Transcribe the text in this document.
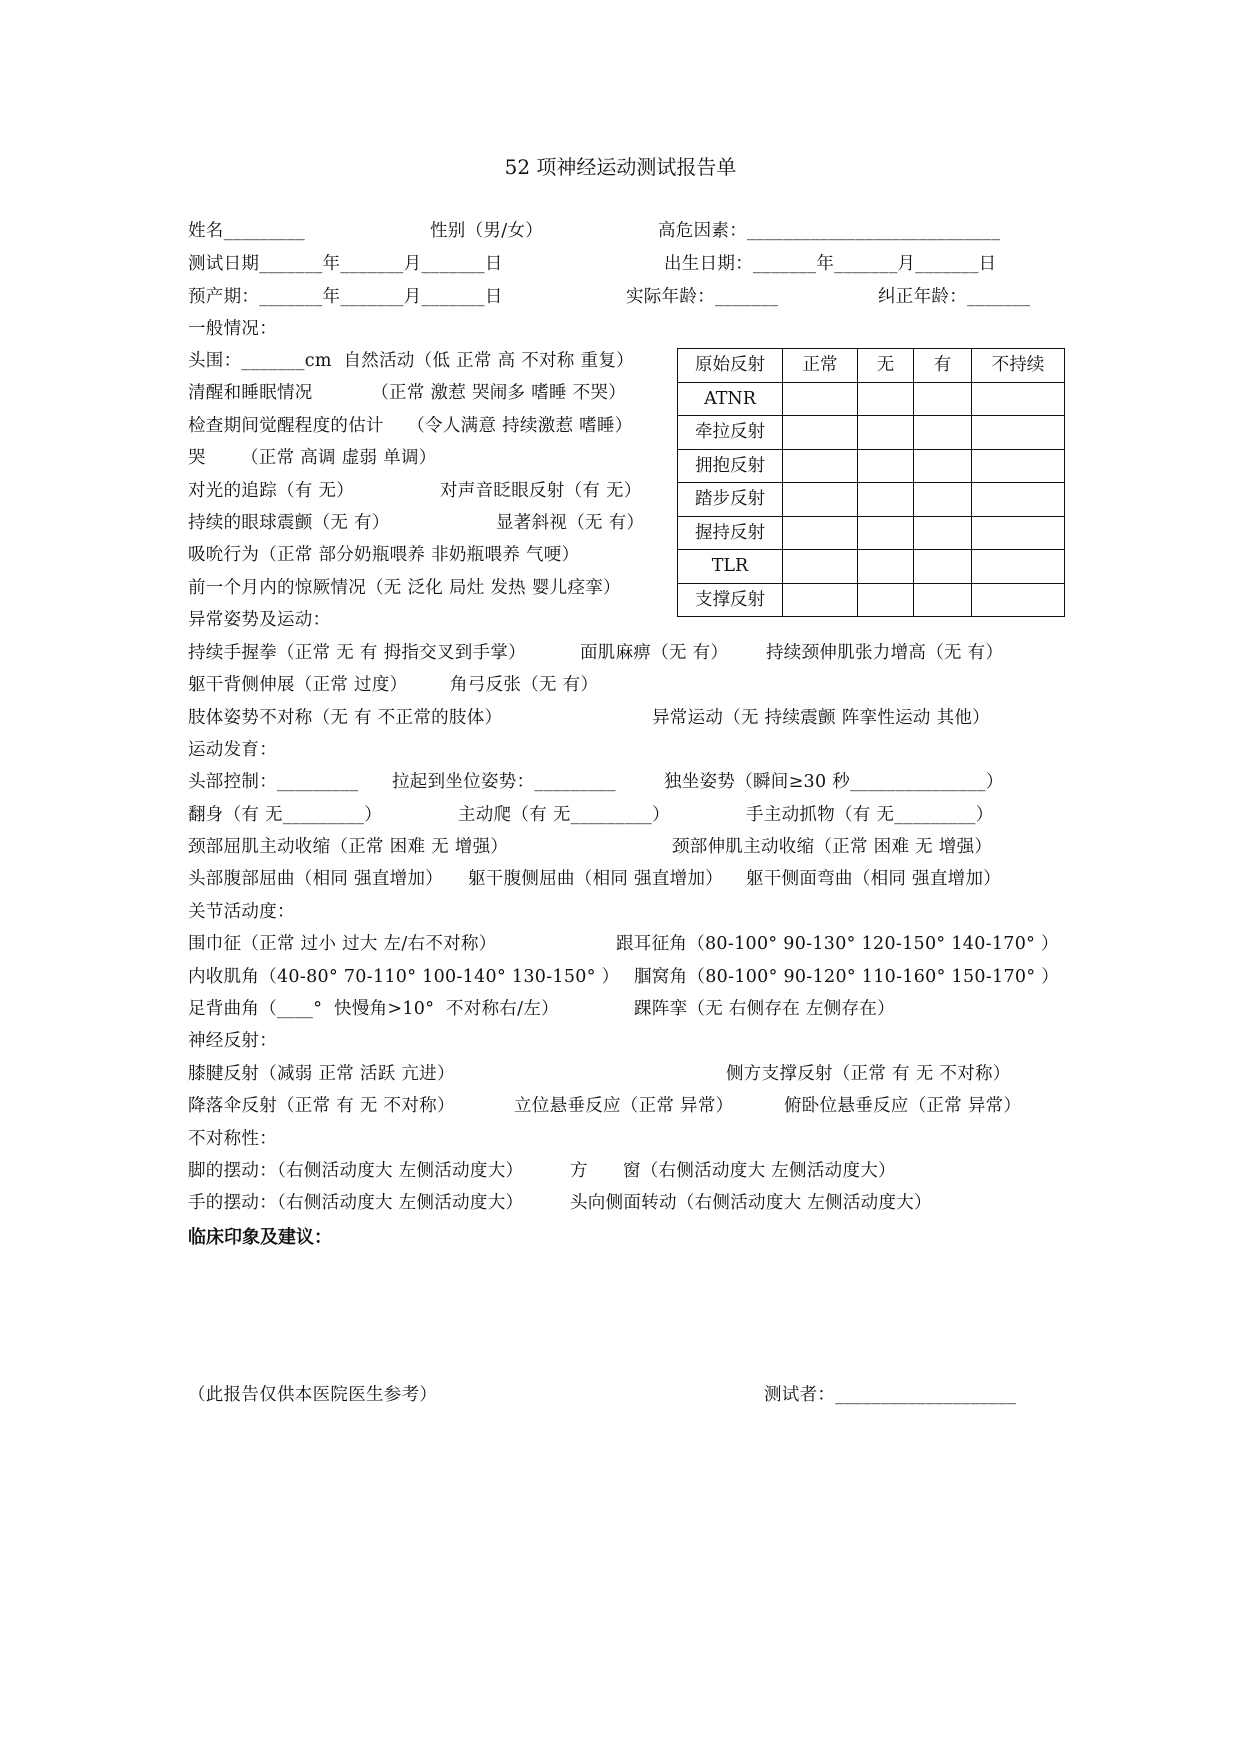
52 项神经运动测试报告单
姓名_________	性别（男/女）	高危因素：____________________________
测试日期_______年_______月_______日	出生日期：_______年_______月_______日
预产期：_______年_______月_______日	实际年龄：_______	纠正年龄：_______
一般情况：
头围：_______cm  自然活动（低 正常 高 不对称 重复）
清醒和睡眠情况          （正常 激惹 哭闹多 嗜睡 不哭）
检查期间觉醒程度的估计    （令人满意 持续激惹 嗜睡）
哭      （正常 高调 虚弱 单调）
对光的追踪（有 无）	对声音眨眼反射（有 无）
持续的眼球震颤（无 有）	显著斜视（无 有）
吸吮行为（正常 部分奶瓶喂养 非奶瓶喂养 气哽）
前一个月内的惊厥情况（无 泛化 局灶 发热 婴儿痉挛）
原始反射	正常	无	有	不持续
ATNR				
牵拉反射				
拥抱反射				
踏步反射				
握持反射				
TLR				
支撑反射				
异常姿势及运动：
持续手握拳（正常 无 有 拇指交叉到手掌）	面肌麻痹（无 有） 持续颈伸肌张力增高（无 有）
躯干背侧伸展（正常 过度） 角弓反张（无 有）
肢体姿势不对称（无 有 不正常的肢体）	异常运动（无 持续震颤 阵挛性运动 其他）
运动发育：
头部控制：_________ 拉起到坐位姿势：_________	独坐姿势（瞬间≥30 秒_______________）
翻身（有 无_________）	主动爬（有 无_________）	手主动抓物（有 无_________）
颈部屈肌主动收缩（正常 困难 无 增强）	颈部伸肌主动收缩（正常 困难 无 增强）
头部腹部屈曲（相同 强直增加） 躯干腹侧屈曲（相同 强直增加） 躯干侧面弯曲（相同 强直增加）
关节活动度：
围巾征（正常 过小 过大 左/右不对称）	跟耳征角（80-100° 90-130° 120-150° 140-170° ）
内收肌角（40-80° 70-110° 100-140° 130-150° ） 腘窝角（80-100° 90-120° 110-160° 150-170° ）
足背曲角（____°  快慢角>10°  不对称右/左）	踝阵挛（无 右侧存在 左侧存在）
神经反射：
膝腱反射（减弱 正常 活跃 亢进）	侧方支撑反射（正常 有 无 不对称）
降落伞反射（正常 有 无 不对称）	立位悬垂反应（正常 异常）	俯卧位悬垂反应（正常 异常）
不对称性：
脚的摆动：（右侧活动度大 左侧活动度大）	方      窗（右侧活动度大 左侧活动度大）
手的摆动：（右侧活动度大 左侧活动度大）	头向侧面转动（右侧活动度大 左侧活动度大）
临床印象及建议：
（此报告仅供本医院医生参考）	测试者：____________________
